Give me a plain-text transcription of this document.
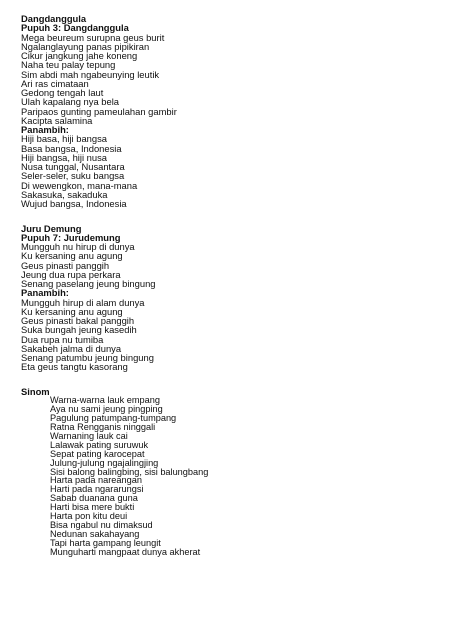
Dangdanggula
Pupuh 3: Dangdanggula
Mega beureum surupna geus burit
Ngalanglayung panas pipikiran
Cikur jangkung jahe koneng
Naha teu palay tepung
Sim abdi mah ngabeunying leutik
Ari ras cimataan
Gedong tengah laut
Ulah kapalang nya bela
Paripaos gunting pameulahan gambir
Kacipta salamina
Panambih:
Hiji basa, hiji bangsa
Basa bangsa, Indonesia
Hiji bangsa, hiji nusa
Nusa tunggal, Nusantara
Seler-seler, suku bangsa
Di wewengkon, mana-mana
Sakasuka, sakaduka
Wujud bangsa, Indonesia
Juru Demung
Pupuh 7: Jurudemung
Mungguh nu hirup di dunya
Ku kersaning anu agung
Geus pinasti panggih
Jeung dua rupa perkara
Senang paselang jeung bingung
Panambih:
Mungguh hirup di alam dunya
Ku kersaning anu agung
Geus pinasti bakal panggih
Suka bungah jeung kasedih
Dua rupa nu tumiba
Sakabeh jalma di dunya
Senang patumbu jeung bingung
Eta geus tangtu kasorang
Sinom
Warna-warna lauk empang
Aya nu sami jeung pingping
Pagulung patumpang-tumpang
Ratna Rengganis ninggali
Warnaning lauk cai
Lalawak pating suruwuk
Sepat pating karocepat
Julung-julung ngajalingjing
Sisi balong balingbing, sisi balungbang
Harta pada nareangan
Harti pada ngararungsi
Sabab duanana guna
Harti bisa mere bukti
Harta pon kitu deui
Bisa ngabul nu dimaksud
Nedunan sakahayang
Tapi harta gampang leungit
Munguharti mangpaat dunya akherat
